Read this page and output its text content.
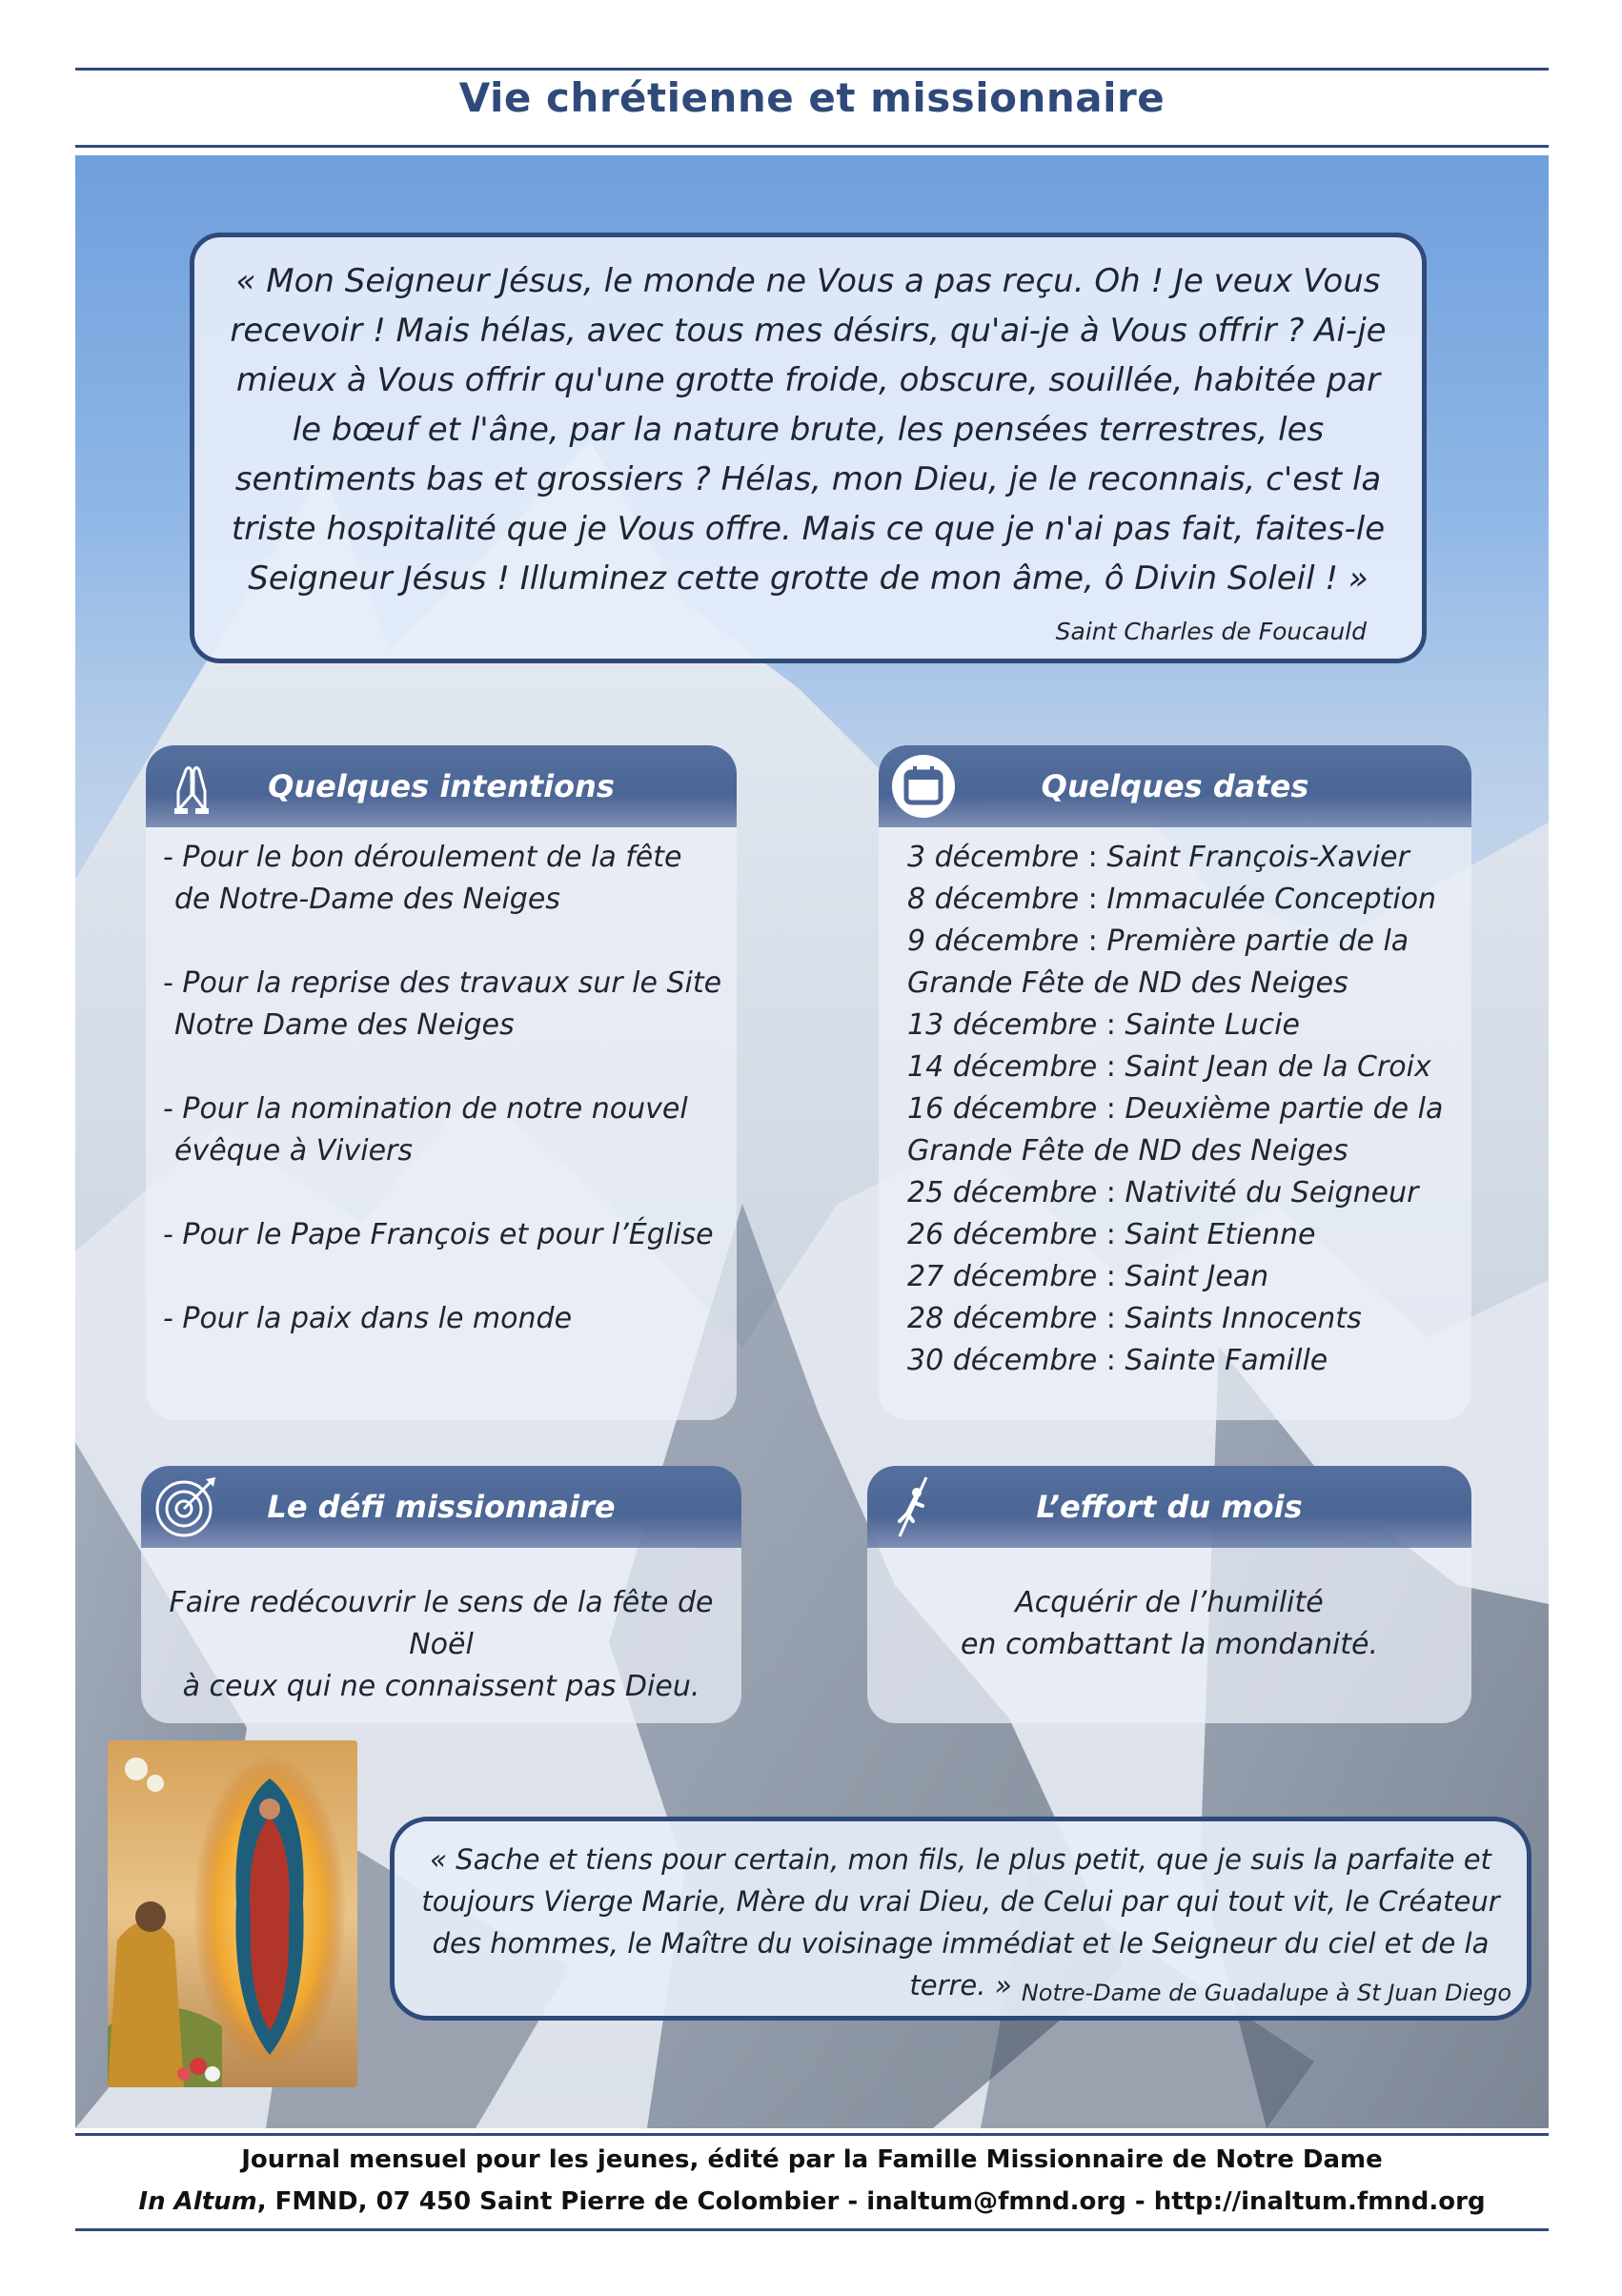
Vie chrétienne et missionnaire
« Mon Seigneur Jésus, le monde ne Vous a pas reçu. Oh ! Je veux Vous recevoir ! Mais hélas, avec tous mes désirs, qu'ai-je à Vous offrir ? Ai-je mieux à Vous offrir qu'une grotte froide, obscure, souillée, habitée par le bœuf et l'âne, par la nature brute, les pensées terrestres, les sentiments bas et grossiers ? Hélas, mon Dieu, je le reconnais, c'est la triste hospitalité que je Vous offre. Mais ce que je n'ai pas fait, faites-le Seigneur Jésus ! Illuminez cette grotte de mon âme, ô Divin Soleil ! »
Saint Charles de Foucauld
Quelques intentions
- Pour le bon déroulement de la fête de Notre-Dame des Neiges
- Pour la reprise des travaux sur le Site Notre Dame des Neiges
- Pour la nomination de notre nouvel évêque à Viviers
- Pour le Pape François et pour l’Église
- Pour la paix dans le monde
Quelques dates
3 décembre : Saint François-Xavier
8 décembre : Immaculée Conception
9 décembre : Première partie de la Grande Fête de ND des Neiges
13 décembre : Sainte Lucie
14 décembre : Saint Jean de la Croix
16 décembre : Deuxième partie de la Grande Fête de ND des Neiges
25 décembre : Nativité du Seigneur
26 décembre : Saint Etienne
27 décembre : Saint Jean
28 décembre : Saints Innocents
30 décembre : Sainte Famille
Le défi missionnaire
Faire redécouvrir le sens de la fête de Noël
à ceux qui ne connaissent pas Dieu.
L’effort du mois
Acquérir de l’humilité
en combattant la mondanité.
« Sache et tiens pour certain, mon fils, le plus petit, que je suis la parfaite et toujours Vierge Marie, Mère du vrai Dieu, de Celui par qui tout vit, le Créateur des hommes, le Maître du voisinage immédiat et le Seigneur du ciel et de la terre. » Notre-Dame de Guadalupe à St Juan Diego
Journal mensuel pour les jeunes, édité par la Famille Missionnaire de Notre Dame
In Altum, FMND, 07 450 Saint Pierre de Colombier - inaltum@fmnd.org - http://inaltum.fmnd.org
